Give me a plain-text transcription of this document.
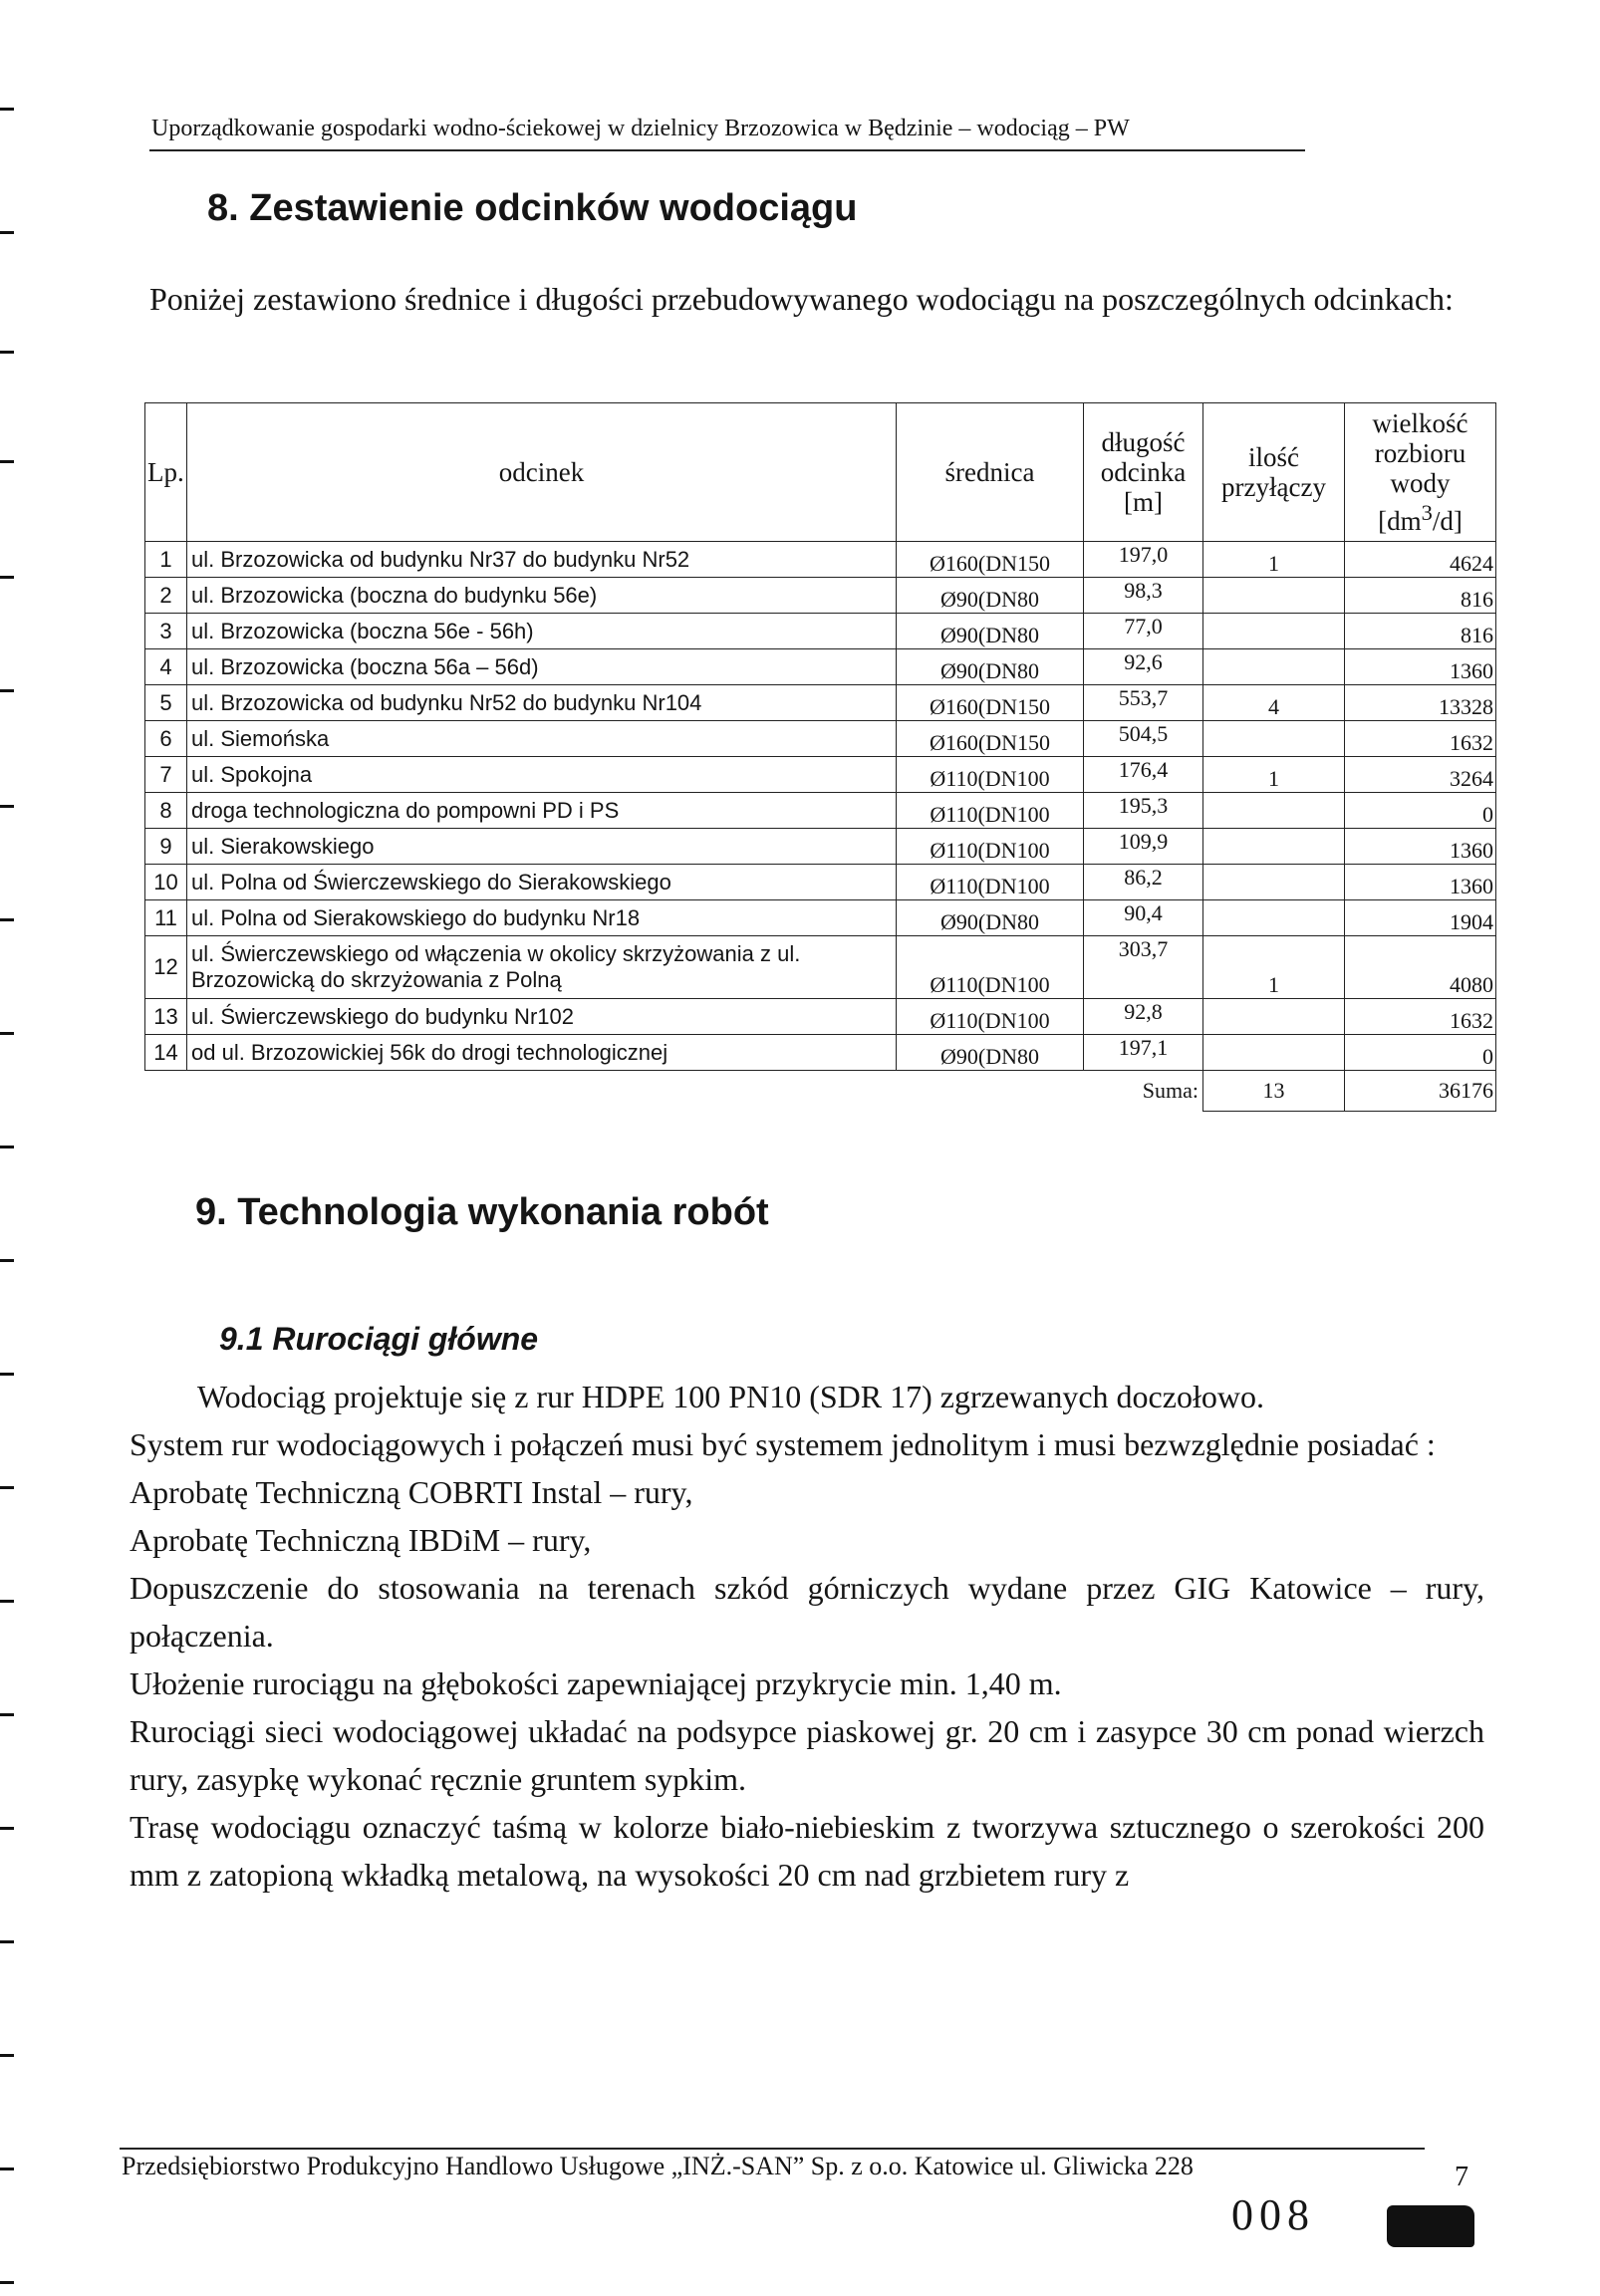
Uporządkowanie gospodarki wodno-ściekowej w dzielnicy Brzozowica w Będzinie – wodociąg – PW
8. Zestawienie odcinków wodociągu
Poniżej zestawiono średnice i długości przebudowywanego wodociągu na poszczególnych odcinkach:
Lp.	odcinek	średnica	długość odcinka [m]	ilość przyłączy	wielkość rozbioru wody $[dm^3/d]$
1	ul. Brzozowicka od budynku Nr37 do budynku Nr52	Ø160(DN150	197,0	1	4624
2	ul. Brzozowicka (boczna do budynku 56e)	Ø90(DN80	98,3		816
3	ul. Brzozowicka (boczna 56e - 56h)	Ø90(DN80	77,0		816
4	ul. Brzozowicka (boczna 56a – 56d)	Ø90(DN80	92,6		1360
5	ul. Brzozowicka od budynku Nr52 do budynku Nr104	Ø160(DN150	553,7	4	13328
6	ul. Siemońska	Ø160(DN150	504,5		1632
7	ul. Spokojna	Ø110(DN100	176,4	1	3264
8	droga technologiczna do pompowni PD i PS	Ø110(DN100	195,3		0
9	ul. Sierakowskiego	Ø110(DN100	109,9		1360
10	ul. Polna od Świerczewskiego do Sierakowskiego	Ø110(DN100	86,2		1360
11	ul. Polna od Sierakowskiego do budynku Nr18	Ø90(DN80	90,4		1904
12	ul. Świerczewskiego od włączenia w okolicy skrzyżowania z ul. Brzozowicką do skrzyżowania z Polną	Ø110(DN100	303,7	1	4080
13	ul. Świerczewskiego do budynku Nr102	Ø110(DN100	92,8		1632
14	od ul. Brzozowickiej 56k do drogi technologicznej	Ø90(DN80	197,1		0
			Suma:	13	36176
9. Technologia wykonania robót
9.1 Rurociągi główne

Wodociąg projektuje się z rur HDPE 100 PN10 (SDR 17) zgrzewanych doczołowo.

System rur wodociągowych i połączeń musi być systemem jednolitym i musi bezwzględnie posiadać :

Aprobatę Techniczną COBRTI Instal – rury,

Aprobatę Techniczną IBDiM – rury,

Dopuszczenie do stosowania na terenach szkód górniczych wydane przez GIG Katowice – rury, połączenia.

Ułożenie rurociągu na głębokości zapewniającej przykrycie min. 1,40 m.

Rurociągi sieci wodociągowej układać na podsypce piaskowej gr. 20 cm i zasypce 30 cm ponad wierzch rury, zasypkę wykonać ręcznie gruntem sypkim.

Trasę wodociągu oznaczyć taśmą w kolorze biało-niebieskim z tworzywa sztucznego o szerokości 200 mm z zatopioną wkładką metalową, na wysokości 20 cm nad grzbietem rury z

Przedsiębiorstwo Produkcyjno Handlowo Usługowe „INŻ.-SAN” Sp. z o.o. Katowice ul. Gliwicka 228	7
008
